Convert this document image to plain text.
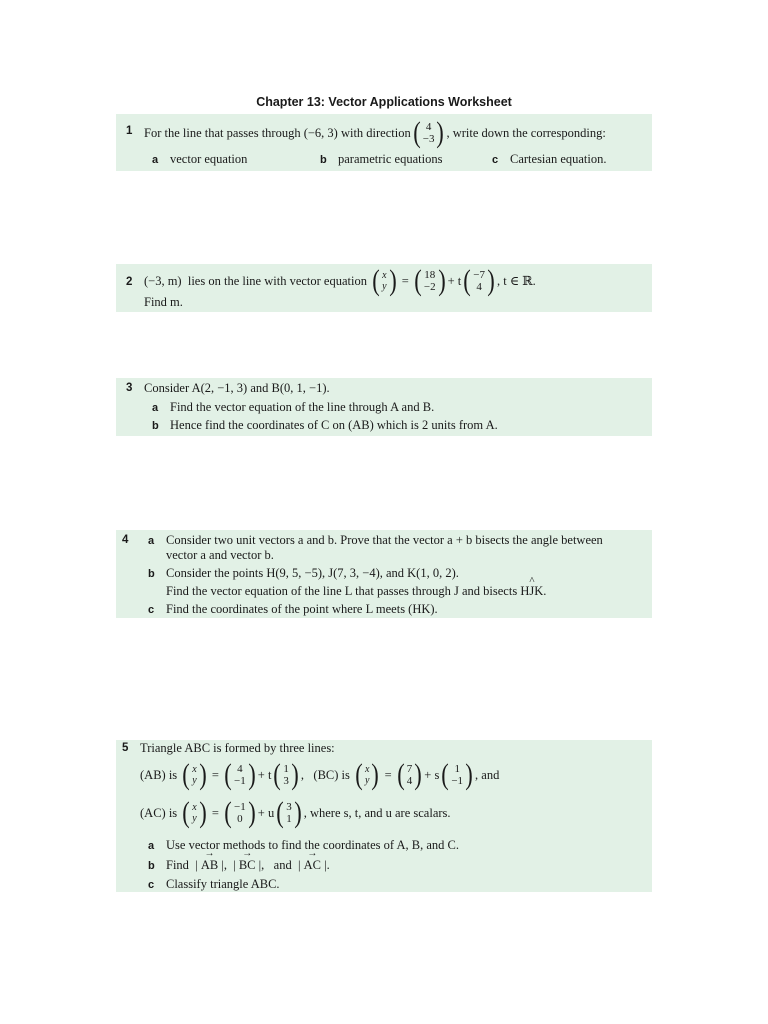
Chapter 13: Vector Applications Worksheet
1 For the line that passes through
(−6, 3)
with direction ( 4
−3 ) , write down the corresponding:
a vector equation	b parametric equations	c Cartesian equation.
2 (−3, m)
lies on the line with vector equation
( x
y ) = ( 18
−2 ) + t ( −7
4 ) , t ∈ ℝ.
Find m.
3 Consider A(2, −1, 3) and B(0, 1, −1).
a Find the vector equation of the line through A and B.
b Hence find the coordinates of C on (AB) which is 2 units from A.
4 a Consider two unit vectors a and b. Prove that the vector a + b bisects the angle between
vector a and vector b.
b Consider the points H(9, 5, −5), J(7, 3, −4), and K(1, 0, 2).
Find the vector equation of the line L that passes through J and bisects H^ JK.
c Find the coordinates of the point where L meets (HK).
5 Triangle ABC is formed by three lines:
(AB) is
( x
y ) = ( 4
−1 ) + t ( 1
3 ) , (BC) is
( x
y ) = ( 7
4 ) + s ( 1
−1 ) , and
(AC) is
( x
y ) = ( −1
0 ) + u ( 3
1 ) , where s, t, and u are scalars.
a Use vector methods to find the coordinates of A, B, and C.
b Find  | → AB |,  | → BC |,   and  | → AC |.
c Classify triangle ABC.
